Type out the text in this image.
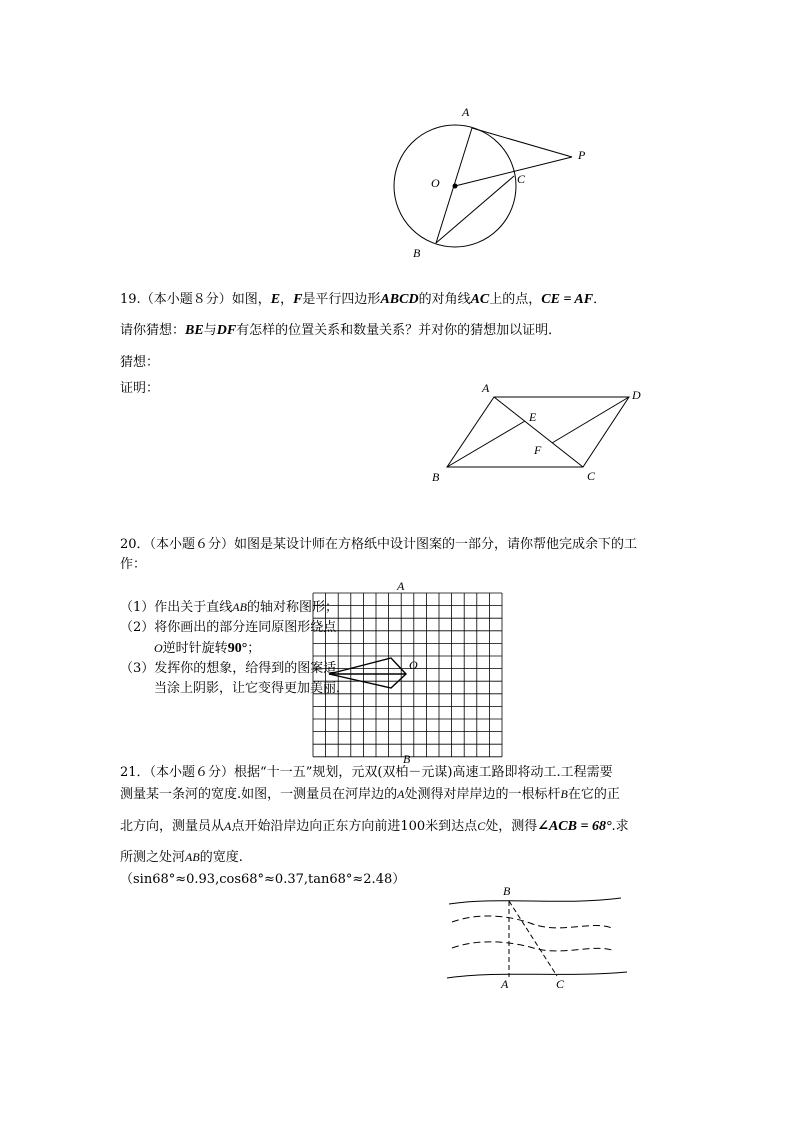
A
P
O	C
B
19.（本小题８分）如图，E，F是平行四边形ABCD的对角线AC上的点，CE = AF．
请你猜想：BE与DF有怎样的位置关系和数量关系？并对你的猜想加以证明．
猜想：
证明：	A	D
E
F
B	C
20．（本小题６分）如图是某设计师在方格纸中设计图案的一部分，请你帮他完成余下的工
作：
A
O
B
（1）作出关于直线AB的轴对称图形；
（2）将你画出的部分连同原图形绕点
O逆时针旋转90°；
（3）发挥你的想象，给得到的图案适
当涂上阴影，让它变得更加美丽．
21．（本小题６分）根据“十一五”规划，元双(双柏－元谋)高速工路即将动工.工程需要
测量某一条河的宽度.如图，一测量员在河岸边的A处测得对岸岸边的一根标杆B在它的正
北方向，测量员从A点开始沿岸边向正东方向前进100米到达点C处，测得∠ACB = 68°.求
所测之处河AB的宽度.
（sin68°≈0.93,cos68°≈0.37,tan68°≈2.48）
B
A	C
